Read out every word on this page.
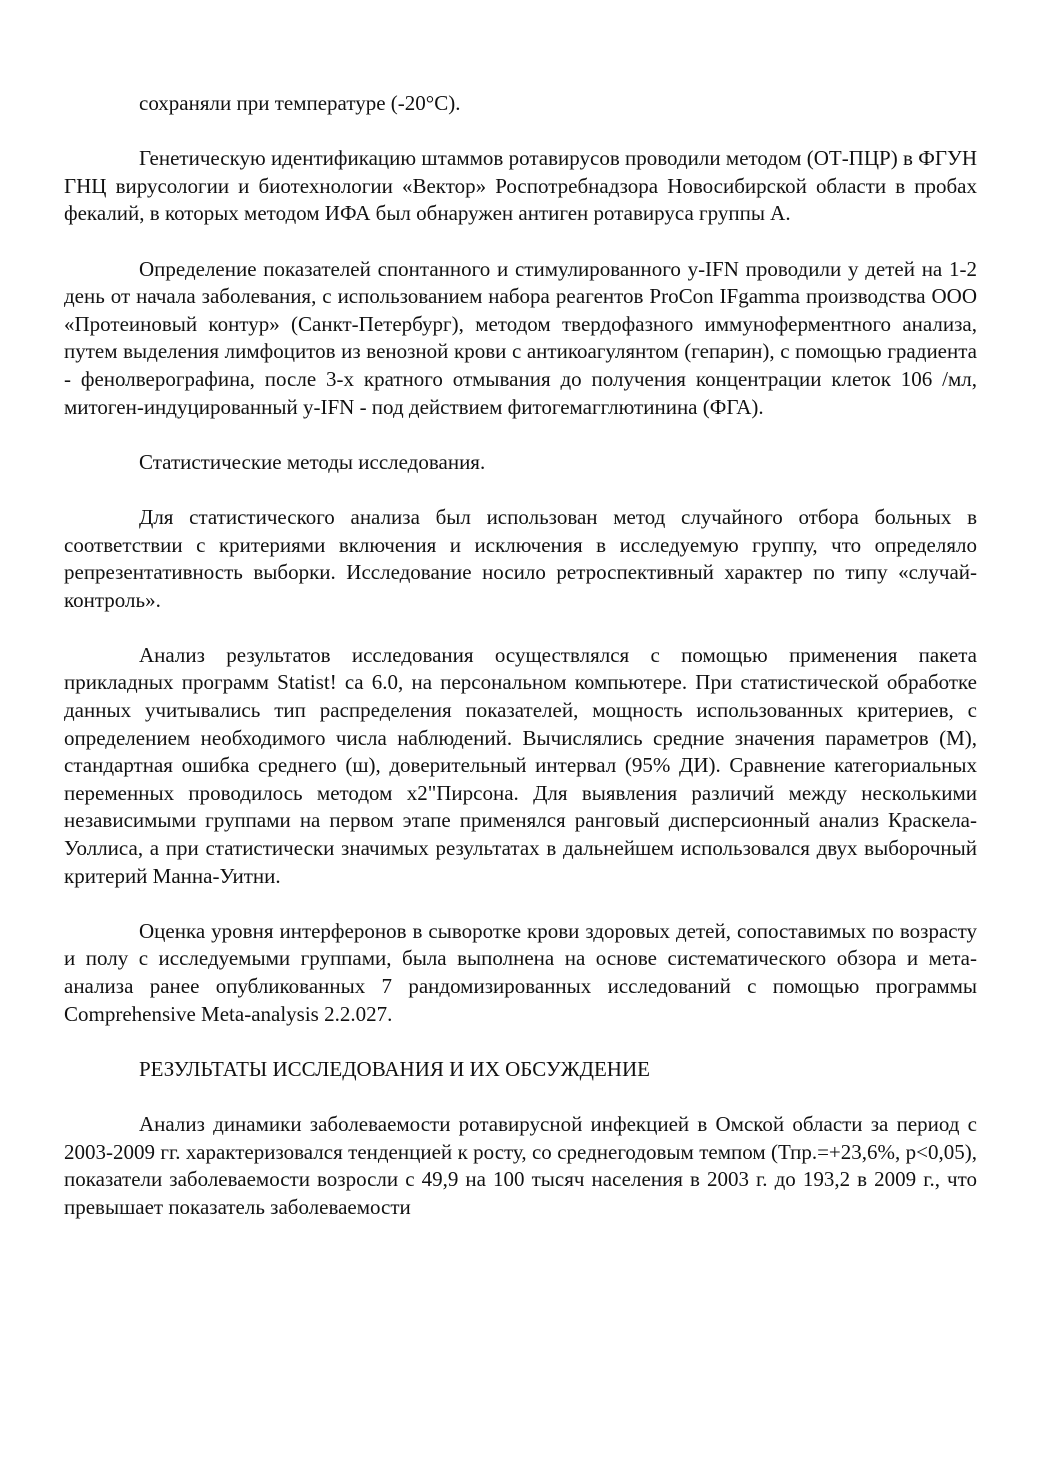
сохраняли при температуре (-20°С).

Генетическую идентификацию штаммов ротавирусов проводили методом (ОТ-ПЦР) в ФГУН ГНЦ вирусологии и биотехнологии «Вектор» Роспотребнадзора Новосибирской области в пробах фекалий, в которых методом ИФА был обнаружен антиген ротавируса группы А.

Определение показателей спонтанного и стимулированного у-IFN проводили у детей на 1-2 день от начала заболевания, с использованием набора реагентов ProCon IFgamma производства ООО «Протеиновый контур» (Санкт-Петербург), методом твердофазного иммуноферментного анализа, путем выделения лимфоцитов из венозной крови с антикоагулянтом (гепарин), с помощью градиента - фенолверографина, после 3-х кратного отмывания до получения концентрации клеток 106 /мл, митоген-индуцированный у-IFN - под действием фитогемагглютинина (ФГА).

Статистические методы исследования.

Для статистического анализа был использован метод случайного отбора больных в соответствии с критериями включения и исключения в исследуемую группу, что определяло репрезентативность выборки. Исследование носило ретроспективный характер по типу «случай-контроль».

Анализ результатов исследования осуществлялся с помощью применения пакета прикладных программ Statist! ca 6.0, на персональном компьютере. При статистической обработке данных учитывались тип распределения показателей, мощность использованных критериев, с определением необходимого числа наблюдений. Вычислялись средние значения параметров (М), стандартная ошибка среднего (ш), доверительный интервал (95% ДИ). Сравнение категориальных переменных проводилось методом х2"Пирсона. Для выявления различий между несколькими независимыми группами на первом этапе применялся ранговый дисперсионный анализ Краскела-Уоллиса, а при статистически значимых результатах в дальнейшем использовался двух выборочный критерий Манна-Уитни.

Оценка уровня интерферонов в сыворотке крови здоровых детей, сопоставимых по возрасту и полу с исследуемыми группами, была выполнена на основе систематического обзора и мета-анализа ранее опубликованных 7 рандомизированных исследований с помощью программы Comprehensive Meta-analysis 2.2.027.

РЕЗУЛЬТАТЫ ИССЛЕДОВАНИЯ И ИХ ОБСУЖДЕНИЕ

Анализ динамики заболеваемости ротавирусной инфекцией в Омской области за период с 2003-2009 гг. характеризовался тенденцией к росту, со среднегодовым темпом (Тпр.=+23,6%, р<0,05), показатели заболеваемости возросли с 49,9 на 100 тысяч населения в 2003 г. до 193,2 в 2009 г., что превышает показатель заболеваемости
